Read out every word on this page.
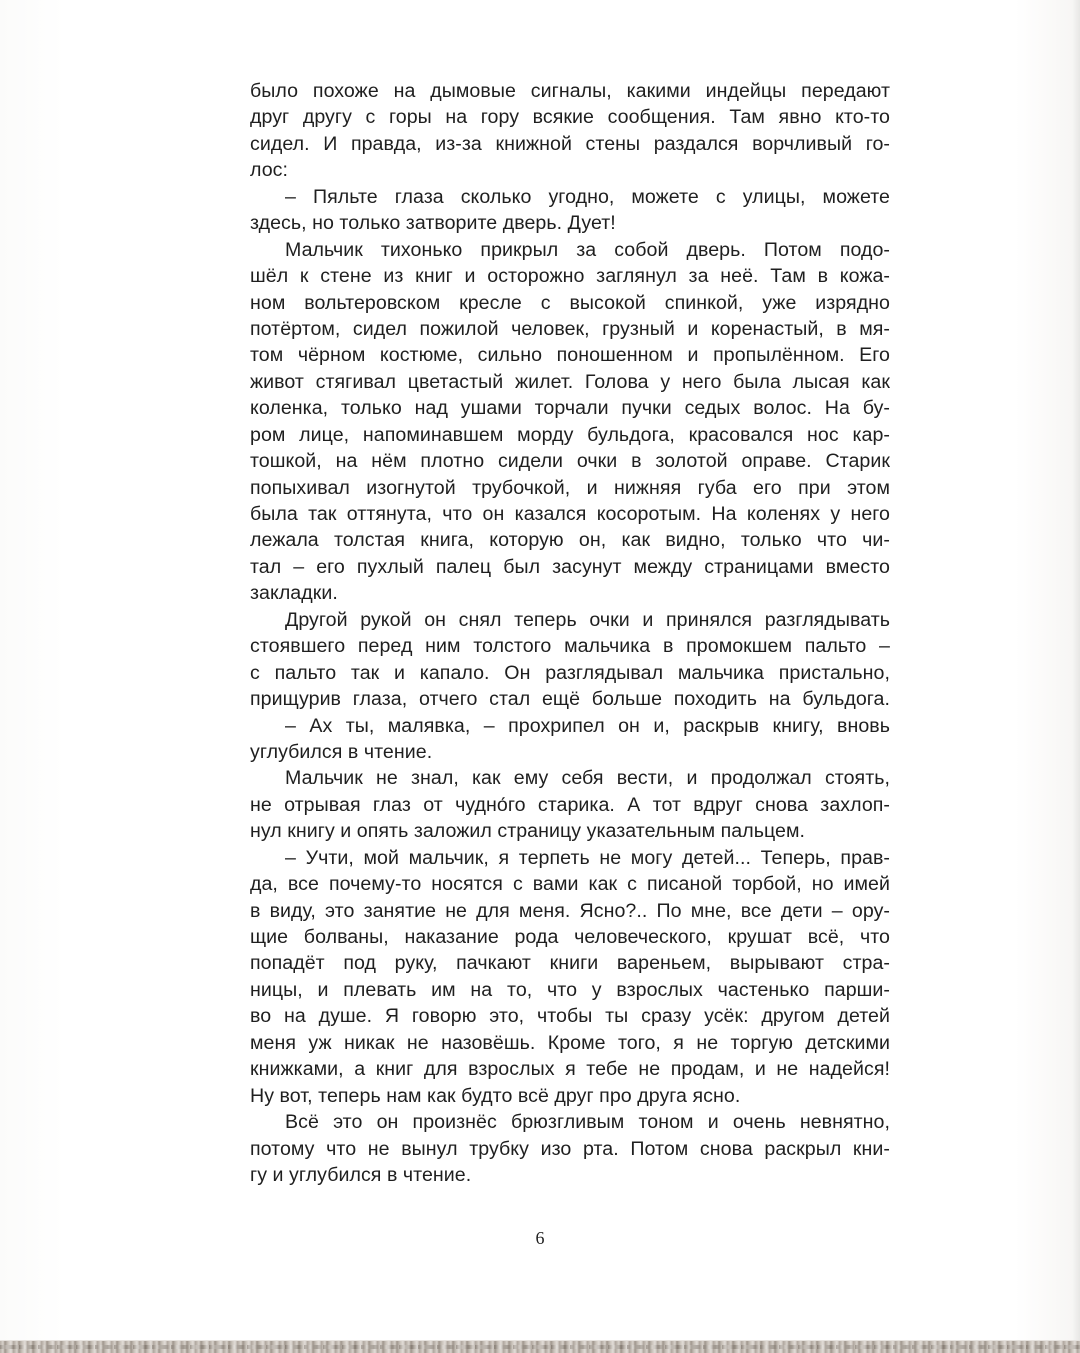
было похоже на дымовые сигналы, какими индейцы передают
друг другу с горы на гору всякие сообщения. Там явно кто-то
сидел. И правда, из-за книжной стены раздался ворчливый го-
лос:
– Пяльте глаза сколько угодно, можете с улицы, можете
здесь, но только затворите дверь. Дует!
Мальчик тихонько прикрыл за собой дверь. Потом подо-
шёл к стене из книг и осторожно заглянул за неё. Там в кожа-
ном вольтеровском кресле с высокой спинкой, уже изрядно
потёртом, сидел пожилой человек, грузный и коренастый, в мя-
том чёрном костюме, сильно поношенном и пропылённом. Его
живот стягивал цветастый жилет. Голова у него была лысая как
коленка, только над ушами торчали пучки седых волос. На бу-
ром лице, напоминавшем морду бульдога, красовался нос кар-
тошкой, на нём плотно сидели очки в золотой оправе. Старик
попыхивал изогнутой трубочкой, и нижняя губа его при этом
была так оттянута, что он казался косоротым. На коленях у него
лежала толстая книга, которую он, как видно, только что чи-
тал – его пухлый палец был засунут между страницами вместо
закладки.
Другой рукой он снял теперь очки и принялся разглядывать
стоявшего перед ним толстого мальчика в промокшем пальто –
с пальто так и капало. Он разглядывал мальчика пристально,
прищурив глаза, отчего стал ещё больше походить на бульдога.
– Ах ты, малявка, – прохрипел он и, раскрыв книгу, вновь
углубился в чтение.
Мальчик не знал, как ему себя вести, и продолжал стоять,
не отрывая глаз от чудно́го старика. А тот вдруг снова захлоп-
нул книгу и опять заложил страницу указательным пальцем.
– Учти, мой мальчик, я терпеть не могу детей... Теперь, прав-
да, все почему-то носятся с вами как с писаной торбой, но имей
в виду, это занятие не для меня. Ясно?.. По мне, все дети – ору-
щие болваны, наказание рода человеческого, крушат всё, что
попадёт под руку, пачкают книги вареньем, вырывают стра-
ницы, и плевать им на то, что у взрослых частенько парши-
во на душе. Я говорю это, чтобы ты сразу усёк: другом детей
меня уж никак не назовёшь. Кроме того, я не торгую детскими
книжками, а книг для взрослых я тебе не продам, и не надейся!
Ну вот, теперь нам как будто всё друг про друга ясно.
Всё это он произнёс брюзгливым тоном и очень невнятно,
потому что не вынул трубку изо рта. Потом снова раскрыл кни-
гу и углубился в чтение.
6
